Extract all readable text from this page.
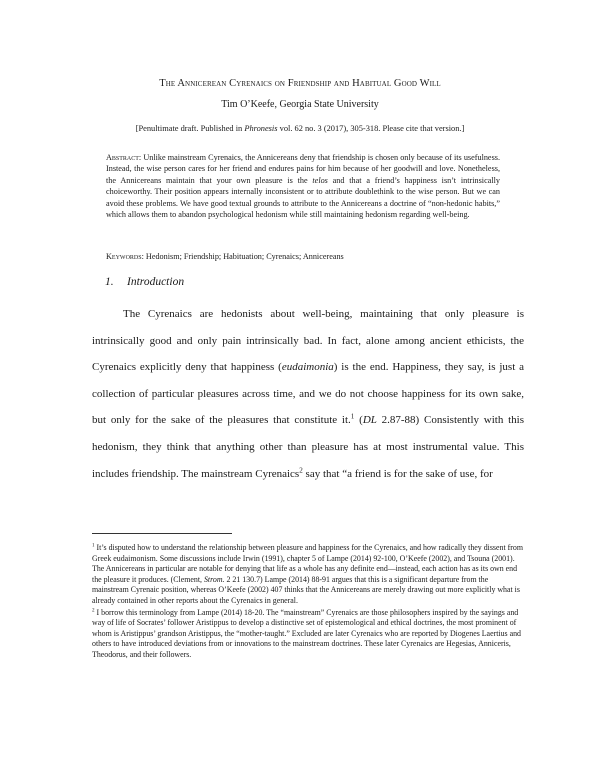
The Annicerean Cyrenaics on Friendship and Habitual Good Will
Tim O’Keefe, Georgia State University
[Penultimate draft. Published in Phronesis vol. 62 no. 3 (2017), 305-318. Please cite that version.]
Abstract: Unlike mainstream Cyrenaics, the Annicereans deny that friendship is chosen only because of its usefulness. Instead, the wise person cares for her friend and endures pains for him because of her goodwill and love. Nonetheless, the Annicereans maintain that your own pleasure is the telos and that a friend’s happiness isn’t intrinsically choiceworthy. Their position appears internally inconsistent or to attribute doublethink to the wise person. But we can avoid these problems. We have good textual grounds to attribute to the Annicereans a doctrine of “non-hedonic habits,” which allows them to abandon psychological hedonism while still maintaining hedonism regarding well-being.
Keywords: Hedonism; Friendship; Habituation; Cyrenaics; Annicereans
1. Introduction

The Cyrenaics are hedonists about well-being, maintaining that only pleasure is intrinsically good and only pain intrinsically bad. In fact, alone among ancient ethicists, the Cyrenaics explicitly deny that happiness (eudaimonia) is the end. Happiness, they say, is just a collection of particular pleasures across time, and we do not choose happiness for its own sake, but only for the sake of the pleasures that constitute it.$^1$ (DL 2.87-88) Consistently with this hedonism, they think that anything other than pleasure has at most instrumental value. This includes friendship. The mainstream Cyrenaics$^2$ say that “a friend is for the sake of use, for

$^1$ It’s disputed how to understand the relationship between pleasure and happiness for the Cyrenaics, and how radically they dissent from Greek eudaimonism. Some discussions include Irwin (1991), chapter 5 of Lampe (2014) 92-100, O’Keefe (2002), and Tsouna (2001). The Annicereans in particular are notable for denying that life as a whole has any definite end—instead, each action has as its own end the pleasure it produces. (Clement, Strom. 2 21 130.7) Lampe (2014) 88-91 argues that this is a significant departure from the mainstream Cyrenaic position, whereas O’Keefe (2002) 407 thinks that the Annicereans are merely drawing out more explicitly what is already contained in other reports about the Cyrenaics in general.

$^2$ I borrow this terminology from Lampe (2014) 18-20. The “mainstream” Cyrenaics are those philosophers inspired by the sayings and way of life of Socrates’ follower Aristippus to develop a distinctive set of epistemological and ethical doctrines, the most prominent of whom is Aristippus’ grandson Aristippus, the “mother-taught.” Excluded are later Cyrenaics who are reported by Diogenes Laertius and others to have introduced deviations from or innovations to the mainstream doctrines. These later Cyrenaics are Hegesias, Anniceris, Theodorus, and their followers.
